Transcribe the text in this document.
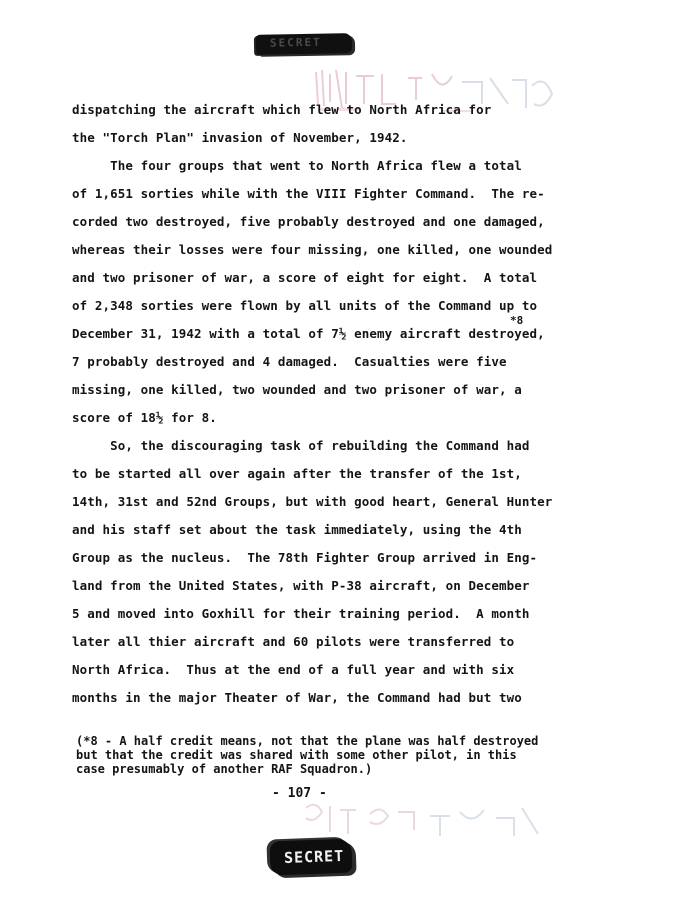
SECRET

dispatching the aircraft which flew to North Africa for

the "Torch Plan" invasion of November, 1942.

The four groups that went to North Africa flew a total

of 1,651 sorties while with the VIII Fighter Command.  The re-

corded two destroyed, five probably destroyed and one damaged,

whereas their losses were four missing, one killed, one wounded

and two prisoner of war, a score of eight for eight.  A total

of 2,348 sorties were flown by all units of the Command up to

December 31, 1942 with a total of 7½ enemy aircraft destroyed,

*8

7 probably destroyed and 4 damaged.  Casualties were five

missing, one killed, two wounded and two prisoner of war, a

score of 18½ for 8.

So, the discouraging task of rebuilding the Command had

to be started all over again after the transfer of the 1st,

14th, 31st and 52nd Groups, but with good heart, General Hunter

and his staff set about the task immediately, using the 4th

Group as the nucleus.  The 78th Fighter Group arrived in Eng-

land from the United States, with P-38 aircraft, on December

5 and moved into Goxhill for their training period.  A month

later all thier aircraft and 60 pilots were transferred to

North Africa.  Thus at the end of a full year and with six

months in the major Theater of War, the Command had but two

(*8 - A half credit means, not that the plane was half destroyed

but that the credit was shared with some other pilot, in this

case presumably of another RAF Squadron.)

- 107 -

SECRET
